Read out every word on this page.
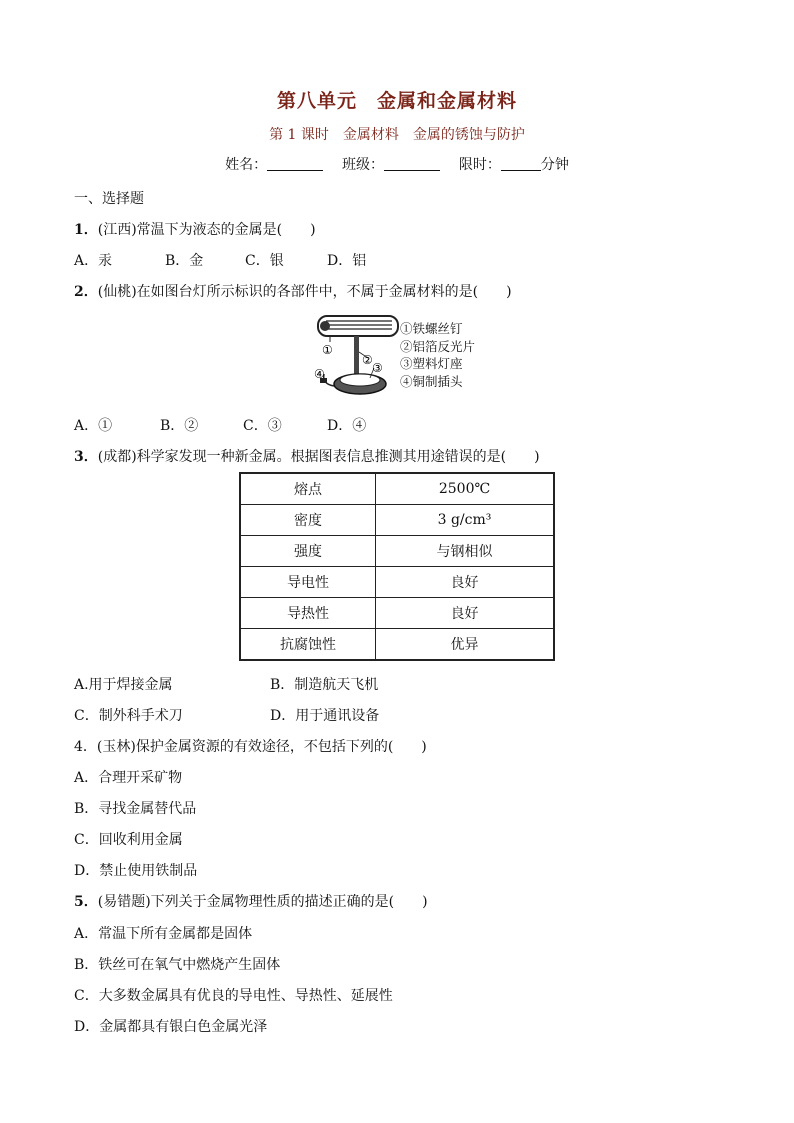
第八单元　金属和金属材料
第 1 课时　金属材料　金属的锈蚀与防护
姓名：	班级：	限时：	分钟
一、选择题
1．(江西)常温下为液态的金属是(　　)
A．汞	B．金	C．银	D．铝
2．(仙桃)在如图台灯所示标识的各部件中，不属于金属材料的是(　　)
①
②
③
④
①铁螺丝钉
②铝箔反光片
③塑料灯座
④铜制插头
A．①	B．②	C．③	D．④
3．(成都)科学家发现一种新金属。根据图表信息推测其用途错误的是(　　)
熔点	2500℃
密度	3 g/cm³
强度	与钢相似
导电性	良好
导热性	良好
抗腐蚀性	优异
A.用于焊接金属	B．制造航天飞机
C．制外科手术刀	D．用于通讯设备
4．(玉林)保护金属资源的有效途径，不包括下列的(　　)
A．合理开采矿物
B．寻找金属替代品
C．回收利用金属
D．禁止使用铁制品
5．(易错题)下列关于金属物理性质的描述正确的是(　　)
A．常温下所有金属都是固体
B．铁丝可在氧气中燃烧产生固体
C．大多数金属具有优良的导电性、导热性、延展性
D．金属都具有银白色金属光泽
